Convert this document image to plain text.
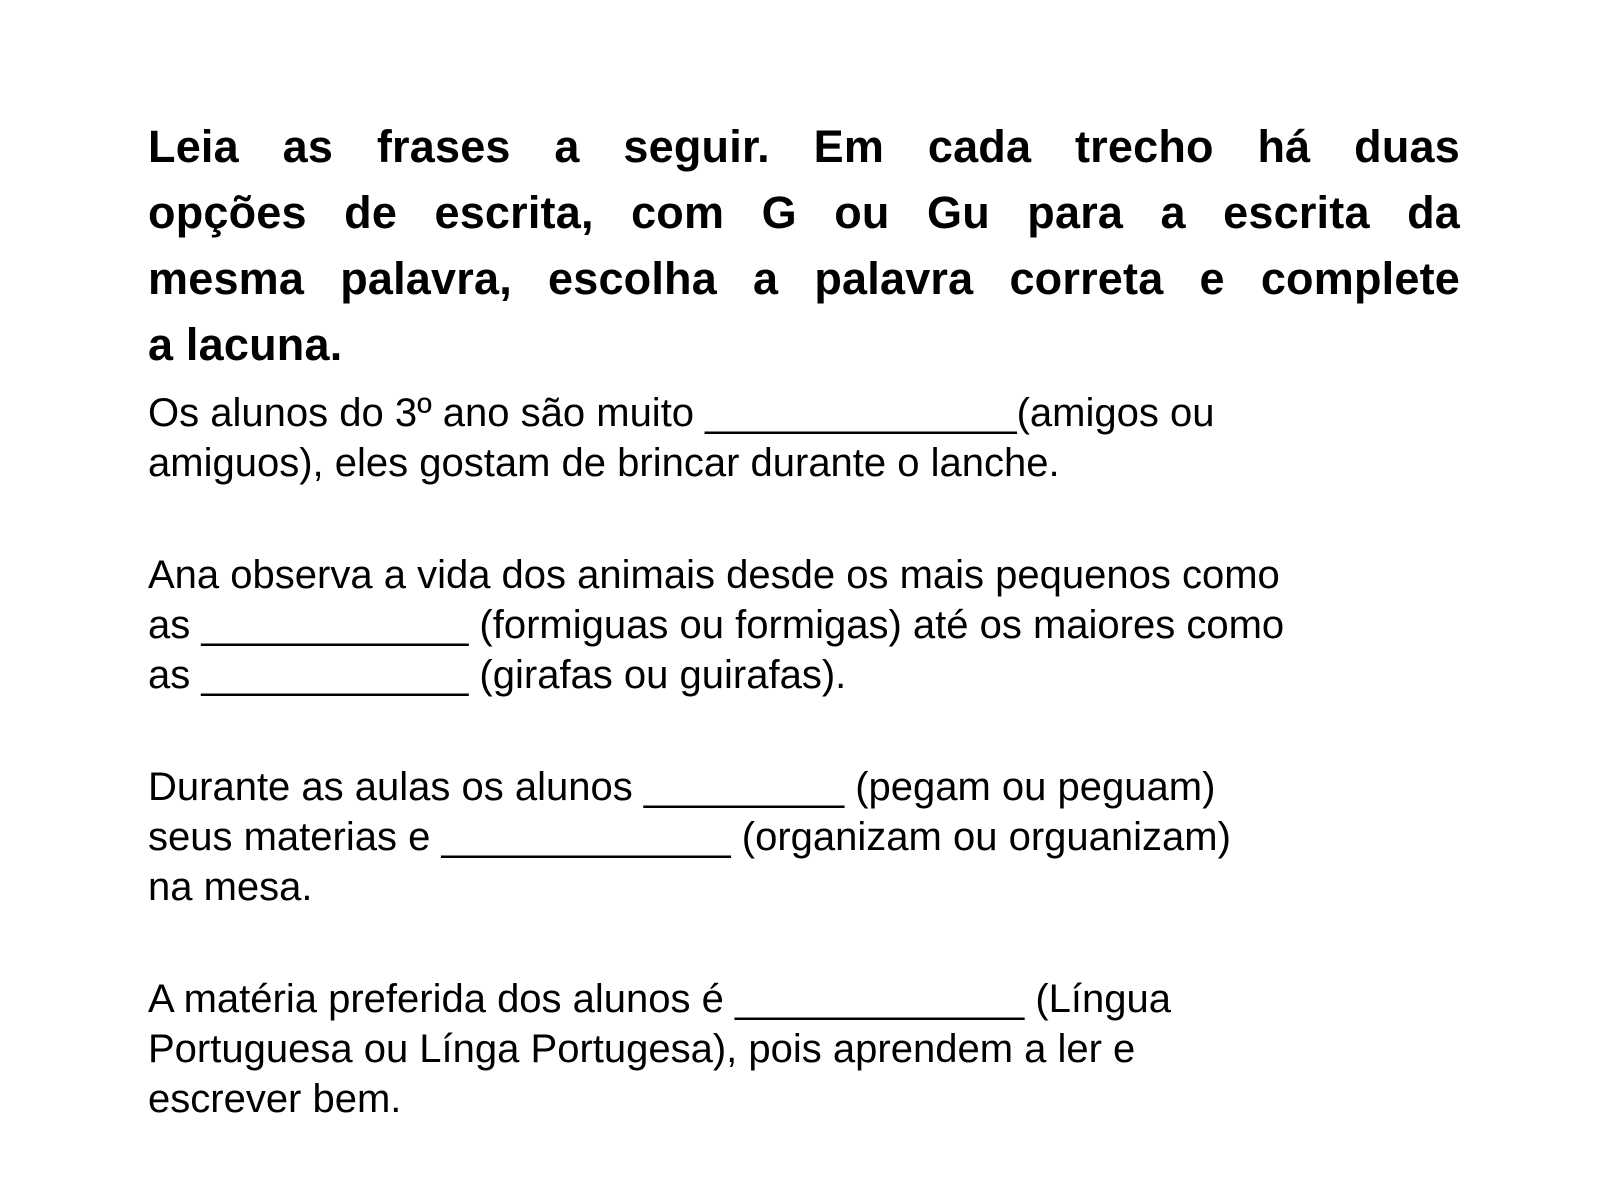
Leia as frases a seguir. Em cada trecho há duas
opções de escrita, com G ou Gu para a escrita da
mesma palavra, escolha a palavra correta e complete
a lacuna.
Os alunos do 3º ano são muito ______________(amigos ou
amiguos), eles gostam de brincar durante o lanche.
Ana observa a vida dos animais desde os mais pequenos como
as ____________ (formiguas ou formigas) até os maiores como
as ____________ (girafas ou guirafas).
Durante as aulas os alunos _________ (pegam ou peguam)
seus materias e _____________ (organizam ou orguanizam)
na mesa.
A matéria preferida dos alunos é _____________ (Língua
Portuguesa ou Línga Portugesa), pois aprendem a ler e
escrever bem.
